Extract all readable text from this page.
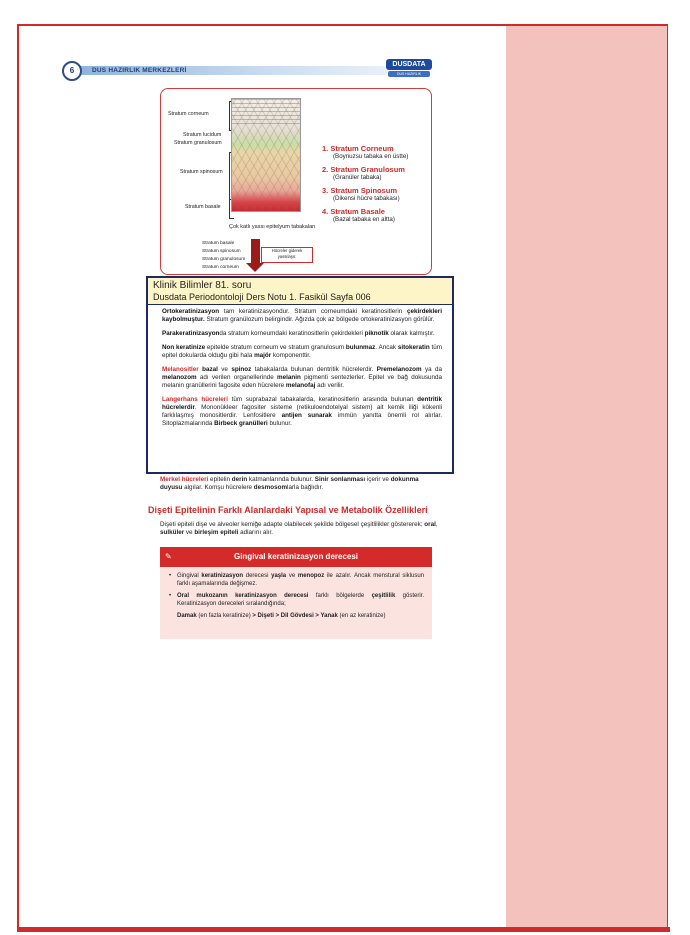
6	DUS HAZIRLIK MERKEZLERİ
DUSDATA
DUS HAZIRLIK MERKEZLERİ
Stratum corneum
Stratum lucidum
Stratum granulosum
Stratum spinosum
Stratum basale
1. Stratum Corneum
(Boynuzsu tabaka en üstte)
2. Stratum Granulosum
(Granüler tabaka)
3. Stratum Spinosum
(Dikensi hücre tabakası)
4. Stratum Basale
(Bazal tabaka en altta)
Çok katlı yassı epitelyum tabakaları
Stratum basale
Stratum spinosum
Stratum granulosum
Stratum corneum
Hücreler giderek yassılaşır.
Klinik Bilimler 81. soru
Dusdata Periodontoloji Ders Notu 1. Fasikül Sayfa 006

Ortokeratinizasyon tam keratinizasyondur. Stratum corneumdaki keratinositlerin çekirdekleri kaybolmuştur. Stratum granülozum belirgindir. Ağızda çok az bölgede ortokeratinizasyon görülür.

Parakeratinizasyonda stratum korneumdaki keratinositlerin çekirdekleri piknotik olarak kalmıştır.

Non keratinize epitelde stratum corneum ve stratum granulosum bulunmaz. Ancak sitokeratin tüm epitel dokularda olduğu gibi hala majör komponenttir.

Melanositler bazal ve spinoz tabakalarda bulunan dentritik hücrelerdir. Premelanozom ya da melanozom adı verilen organellerinde melanin pigmenti sentezlerler. Epitel ve bağ dokusunda melanin granüllerini fagosite eden hücrelere melanofaj adı verilir.

Langerhans hücreleri tüm suprabazal tabakalarda, keratinositlerin arasında bulunan dentritik hücrelerdir. Mononükleer fagositer sisteme (retikuloendotelyal sistem) ait kemik iliği kökenli farklılaşmış monositlerdir. Lenfositlere antijen sunarak immün yanıtta önemli rol alırlar. Sitoplazmalarında Birbeck granülleri bulunur.

Merkel hücreleri epitelin derin katmanlarında bulunur. Sinir sonlanması içerir ve dokunma duyusu algılar. Komşu hücrelere desmosomlarla bağlıdır.

Dişeti Epitelinin Farklı Alanlardaki Yapısal ve Metabolik Özellikleri

Dişeti epiteli dişe ve alveoler kemiğe adapte olabilecek şekilde bölgesel çeşitlilikler göstererek; oral, sulküler ve birleşim epiteli adlarını alır.

✎	Gingival keratinizasyon derecesi
• Gingival keratinizasyon derecesi yaşla ve menopoz ile azalır. Ancak menstural siklusun farklı aşamalarında değişmez.
• Oral mukozanın keratinizasyon derecesi farklı bölgelerde çeşitlilik gösterir. Keratinizasyon dereceleri sıralandığında;
Damak (en fazla keratinize) > Dişeti > Dil Gövdesi > Yanak (en az keratinize)
